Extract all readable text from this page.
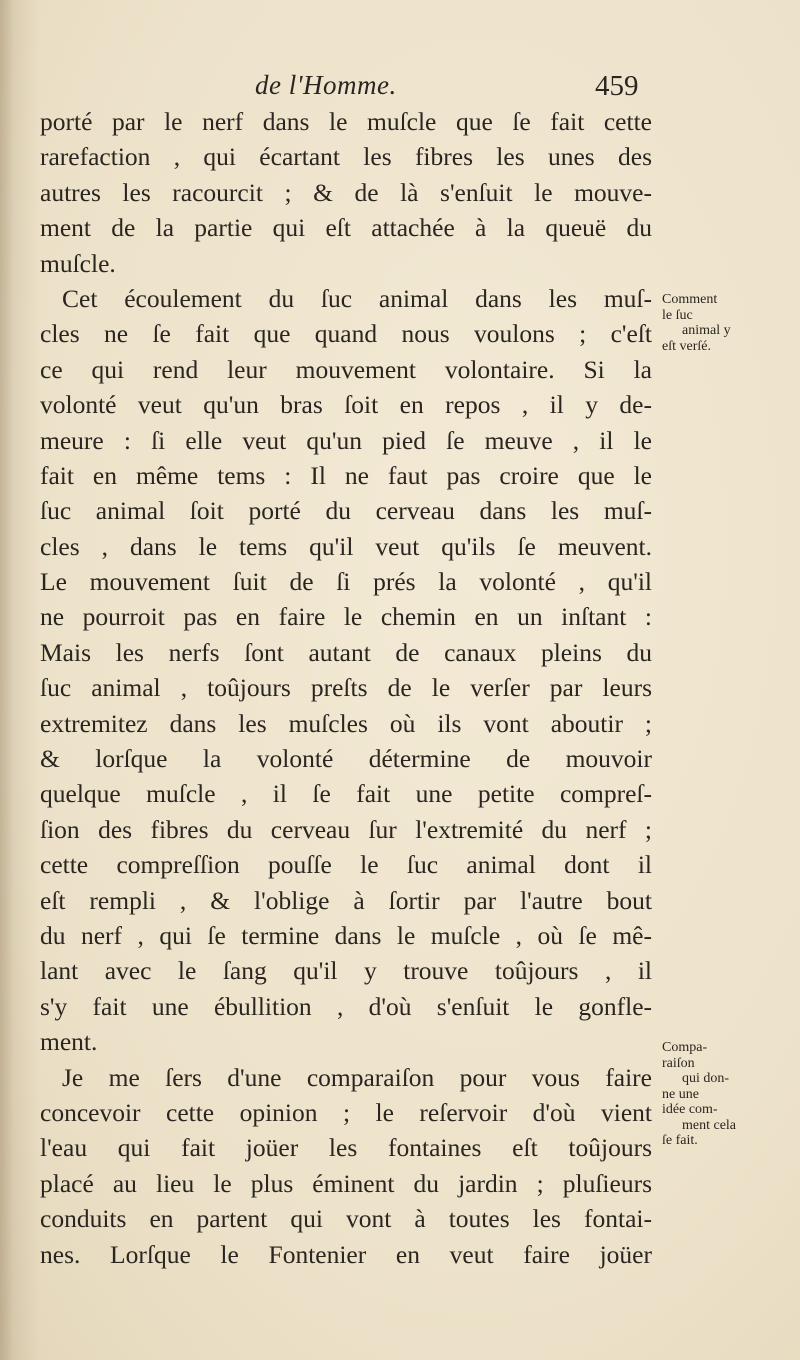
de l'Homme.	459
porté par le nerf dans le muſcle que ſe fait cette
rarefaction , qui écartant les fibres les unes des
autres les racourcit ; & de là s'enſuit le mouve-
ment de la partie qui eſt attachée à la queuë du
muſcle.
Cet écoulement du ſuc animal dans les muſ-
cles ne ſe fait que quand nous voulons ; c'eſt
ce qui rend leur mouvement volontaire. Si la
volonté veut qu'un bras ſoit en repos , il y de-
meure : ſi elle veut qu'un pied ſe meuve , il le
fait en même tems : Il ne faut pas croire que le
ſuc animal ſoit porté du cerveau dans les muſ-
cles , dans le tems qu'il veut qu'ils ſe meuvent.
Le mouvement ſuit de ſi prés la volonté , qu'il
ne pourroit pas en faire le chemin en un inſtant :
Mais les nerfs ſont autant de canaux pleins du
ſuc animal , toûjours preſts de le verſer par leurs
extremitez dans les muſcles où ils vont aboutir ;
& lorſque la volonté détermine de mouvoir
quelque muſcle , il ſe fait une petite compreſ-
ſion des fibres du cerveau ſur l'extremité du nerf ;
cette compreſſion pouſſe le ſuc animal dont il
eſt rempli , & l'oblige à ſortir par l'autre bout
du nerf , qui ſe termine dans le muſcle , où ſe mê-
lant avec le ſang qu'il y trouve toûjours , il
s'y fait une ébullition , d'où s'enſuit le gonfle-
ment.
Je me ſers d'une comparaiſon pour vous faire
concevoir cette opinion ; le reſervoir d'où vient
l'eau qui fait joüer les fontaines eſt toûjours
placé au lieu le plus éminent du jardin ; pluſieurs
conduits en partent qui vont à toutes les fontai-
nes. Lorſque le Fontenier en veut faire joüer
Comment
le ſuc
animal y
eſt verſé.
Compa-
raiſon
qui don-
ne une
idée com-
ment cela
ſe fait.
